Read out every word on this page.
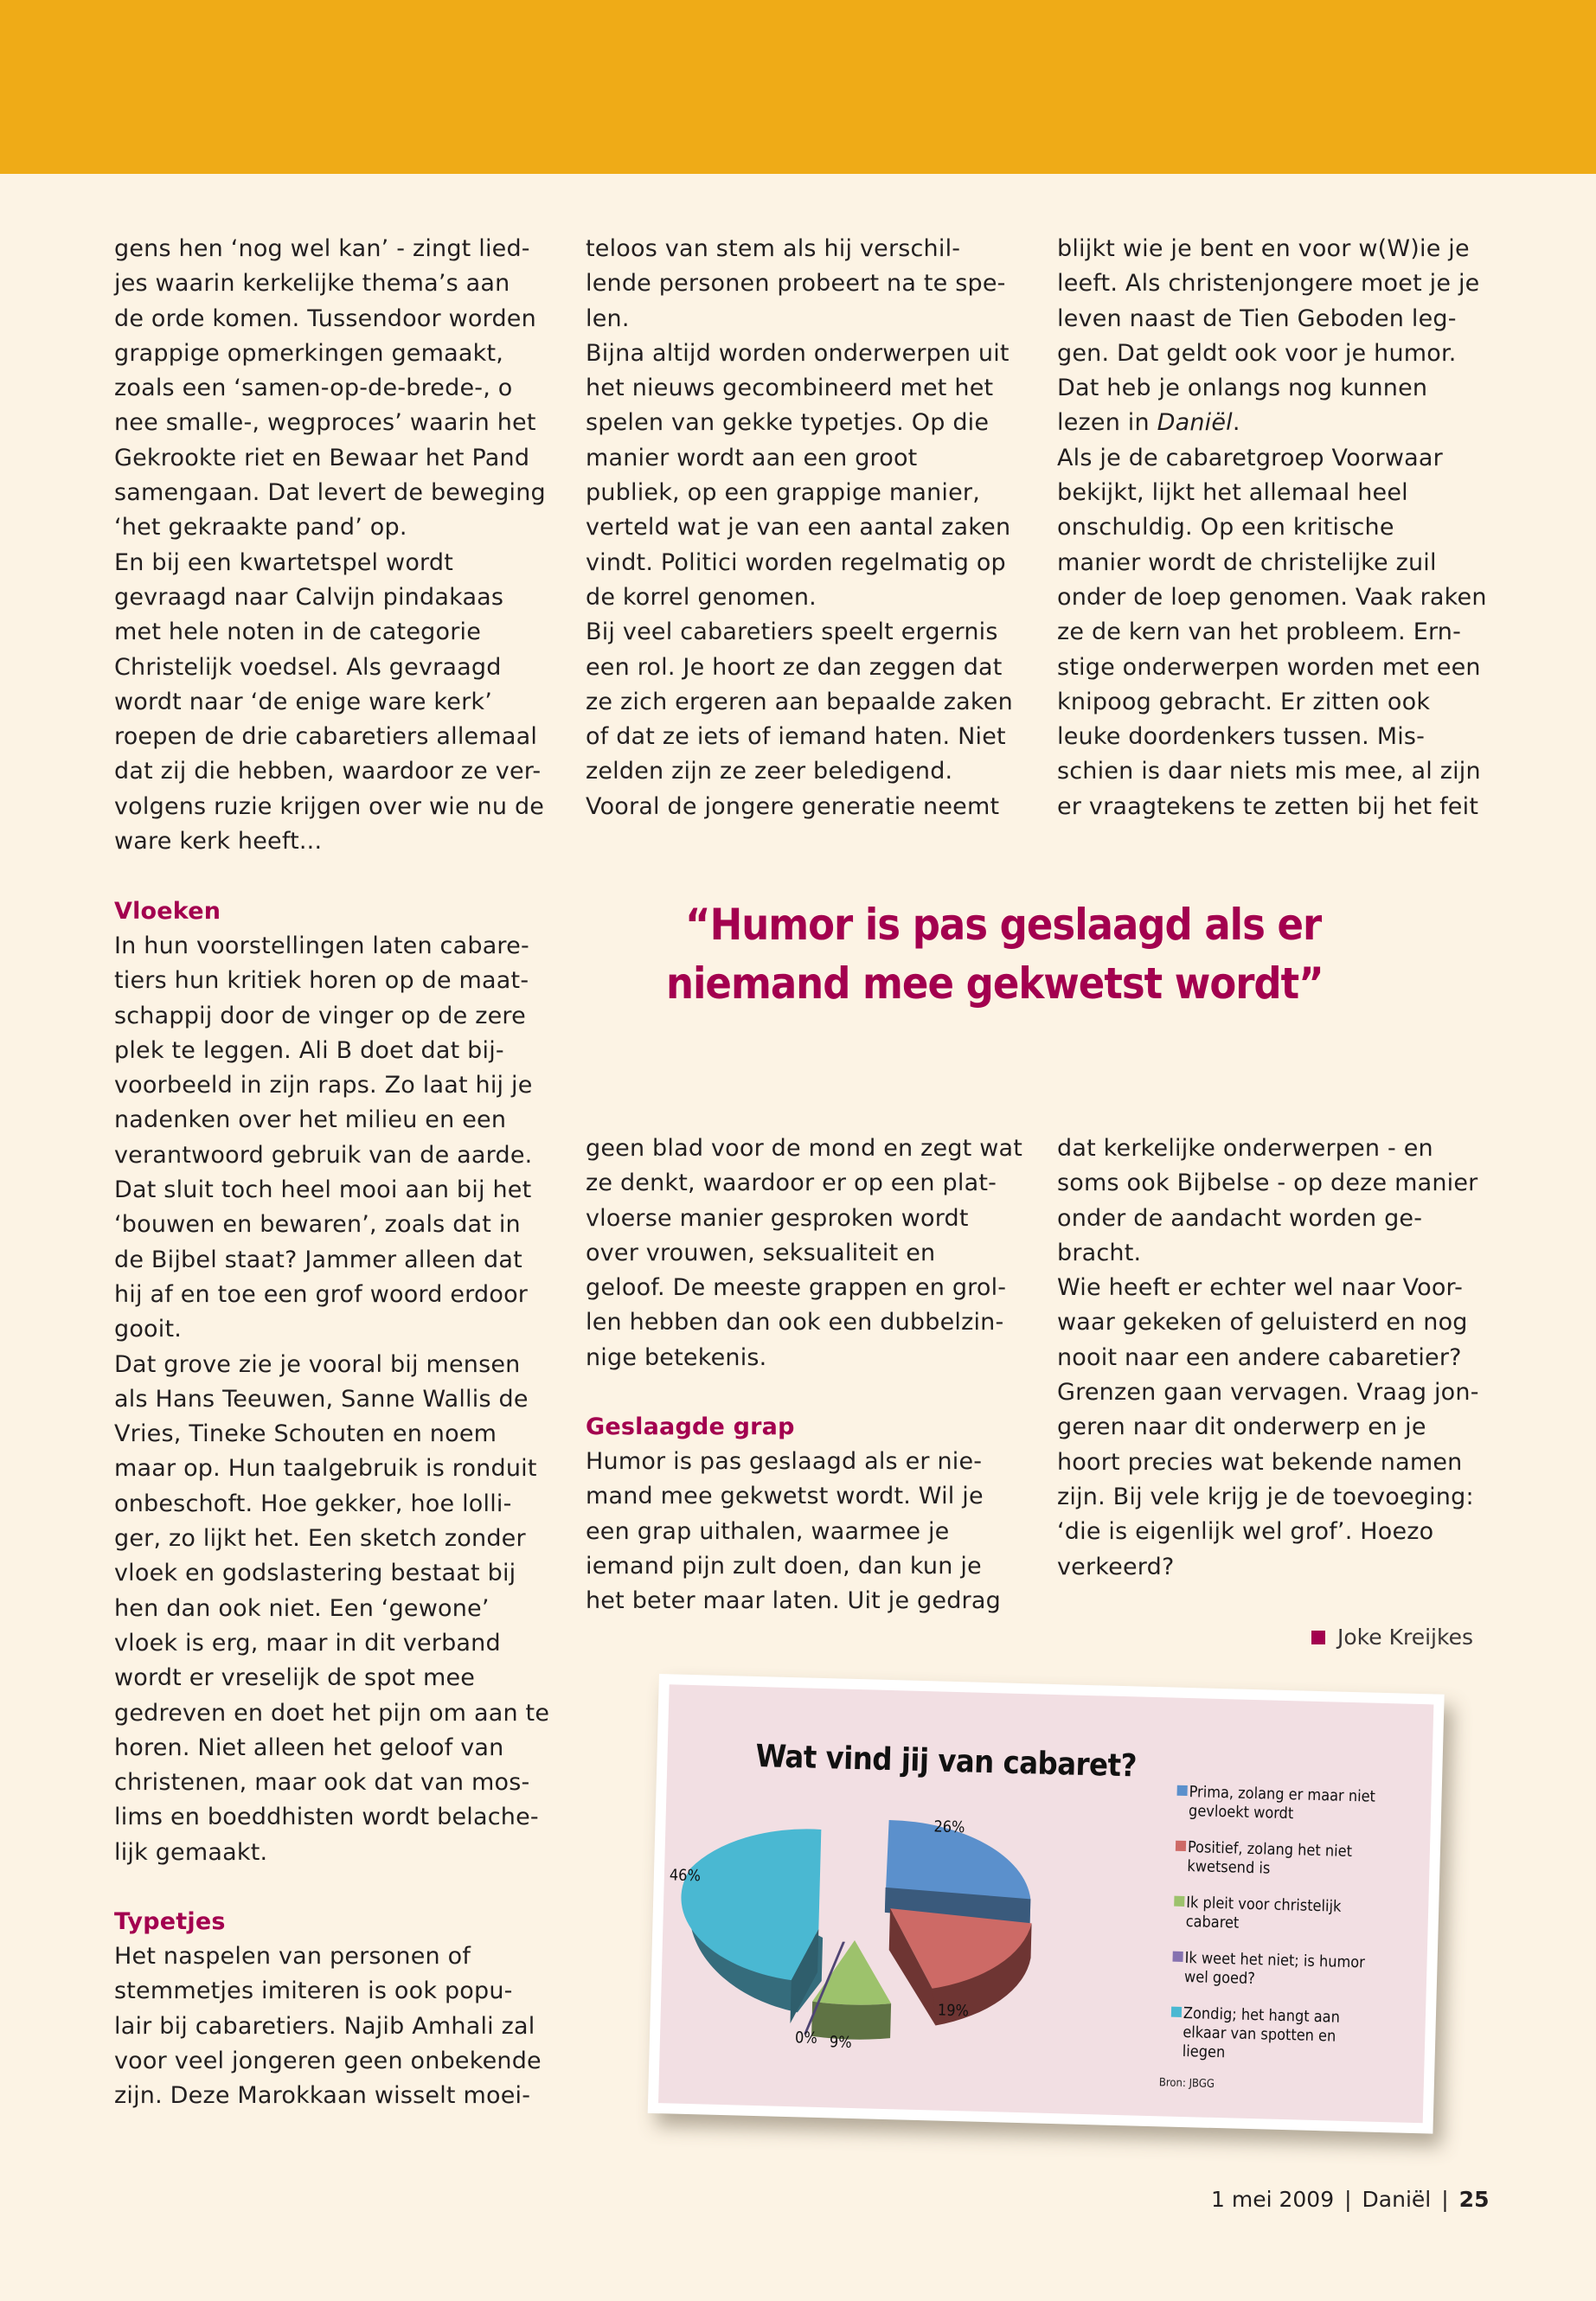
gens hen ‘nog wel kan’ - zingt lied-
jes waarin kerkelijke thema’s aan
de orde komen. Tussendoor worden
grappige opmerkingen gemaakt,
zoals een ‘samen-op-de-brede-, o
nee smalle-, wegproces’ waarin het
Gekrookte riet en Bewaar het Pand
samengaan. Dat levert de beweging
‘het gekraakte pand’ op.
En bij een kwartetspel wordt
gevraagd naar Calvijn pindakaas
met hele noten in de categorie
Christelijk voedsel. Als gevraagd
wordt naar ‘de enige ware kerk’
roepen de drie cabaretiers allemaal
dat zij die hebben, waardoor ze ver-
volgens ruzie krijgen over wie nu de
ware kerk heeft...
teloos van stem als hij verschil-
lende personen probeert na te spe-
len.
Bijna altijd worden onderwerpen uit
het nieuws gecombineerd met het
spelen van gekke typetjes. Op die
manier wordt aan een groot
publiek, op een grappige manier,
verteld wat je van een aantal zaken
vindt. Politici worden regelmatig op
de korrel genomen.
Bij veel cabaretiers speelt ergernis
een rol. Je hoort ze dan zeggen dat
ze zich ergeren aan bepaalde zaken
of dat ze iets of iemand haten. Niet
zelden zijn ze zeer beledigend.
Vooral de jongere generatie neemt
blijkt wie je bent en voor w(W)ie je
leeft. Als christenjongere moet je je
leven naast de Tien Geboden leg-
gen. Dat geldt ook voor je humor.
Dat heb je onlangs nog kunnen
lezen in Daniël.
Als je de cabaretgroep Voorwaar
bekijkt, lijkt het allemaal heel
onschuldig. Op een kritische
manier wordt de christelijke zuil
onder de loep genomen. Vaak raken
ze de kern van het probleem. Ern-
stige onderwerpen worden met een
knipoog gebracht. Er zitten ook
leuke doordenkers tussen. Mis-
schien is daar niets mis mee, al zijn
er vraagtekens te zetten bij het feit
Vloeken
In hun voorstellingen laten cabare-
tiers hun kritiek horen op de maat-
schappij door de vinger op de zere
plek te leggen. Ali B doet dat bij-
voorbeeld in zijn raps. Zo laat hij je
nadenken over het milieu en een
verantwoord gebruik van de aarde.
Dat sluit toch heel mooi aan bij het
‘bouwen en bewaren’, zoals dat in
de Bijbel staat? Jammer alleen dat
hij af en toe een grof woord erdoor
gooit.
Dat grove zie je vooral bij mensen
als Hans Teeuwen, Sanne Wallis de
Vries, Tineke Schouten en noem
maar op. Hun taalgebruik is ronduit
onbeschoft. Hoe gekker, hoe lolli-
ger, zo lijkt het. Een sketch zonder
vloek en godslastering bestaat bij
hen dan ook niet. Een ‘gewone’
vloek is erg, maar in dit verband
wordt er vreselijk de spot mee
gedreven en doet het pijn om aan te
horen. Niet alleen het geloof van
christenen, maar ook dat van mos-
lims en boeddhisten wordt belache-
lijk gemaakt.
Typetjes
Het naspelen van personen of
stemmetjes imiteren is ook popu-
lair bij cabaretiers. Najib Amhali zal
voor veel jongeren geen onbekende
zijn. Deze Marokkaan wisselt moei-
“Humor is pas geslaagd als er
niemand mee gekwetst wordt”
geen blad voor de mond en zegt wat
ze denkt, waardoor er op een plat-
vloerse manier gesproken wordt
over vrouwen, seksualiteit en
geloof. De meeste grappen en grol-
len hebben dan ook een dubbelzin-
nige betekenis.
Geslaagde grap
Humor is pas geslaagd als er nie-
mand mee gekwetst wordt. Wil je
een grap uithalen, waarmee je
iemand pijn zult doen, dan kun je
het beter maar laten. Uit je gedrag
dat kerkelijke onderwerpen - en
soms ook Bijbelse - op deze manier
onder de aandacht worden ge-
bracht.
Wie heeft er echter wel naar Voor-
waar gekeken of geluisterd en nog
nooit naar een andere cabaretier?
Grenzen gaan vervagen. Vraag jon-
geren naar dit onderwerp en je
hoort precies wat bekende namen
zijn. Bij vele krijg je de toevoeging:
‘die is eigenlijk wel grof’. Hoezo
verkeerd?
Joke Kreijkes
Wat vind jij van cabaret?
26%
19%
9%
0%
46%
Prima, zolang er maar niet
gevloekt wordt
Positief, zolang het niet
kwetsend is
Ik pleit voor christelijk
cabaret
Ik weet het niet; is humor
wel goed?
Zondig; het hangt aan
elkaar van spotten en
liegen
Bron: JBGG
1 mei 2009 | Daniël | 25
